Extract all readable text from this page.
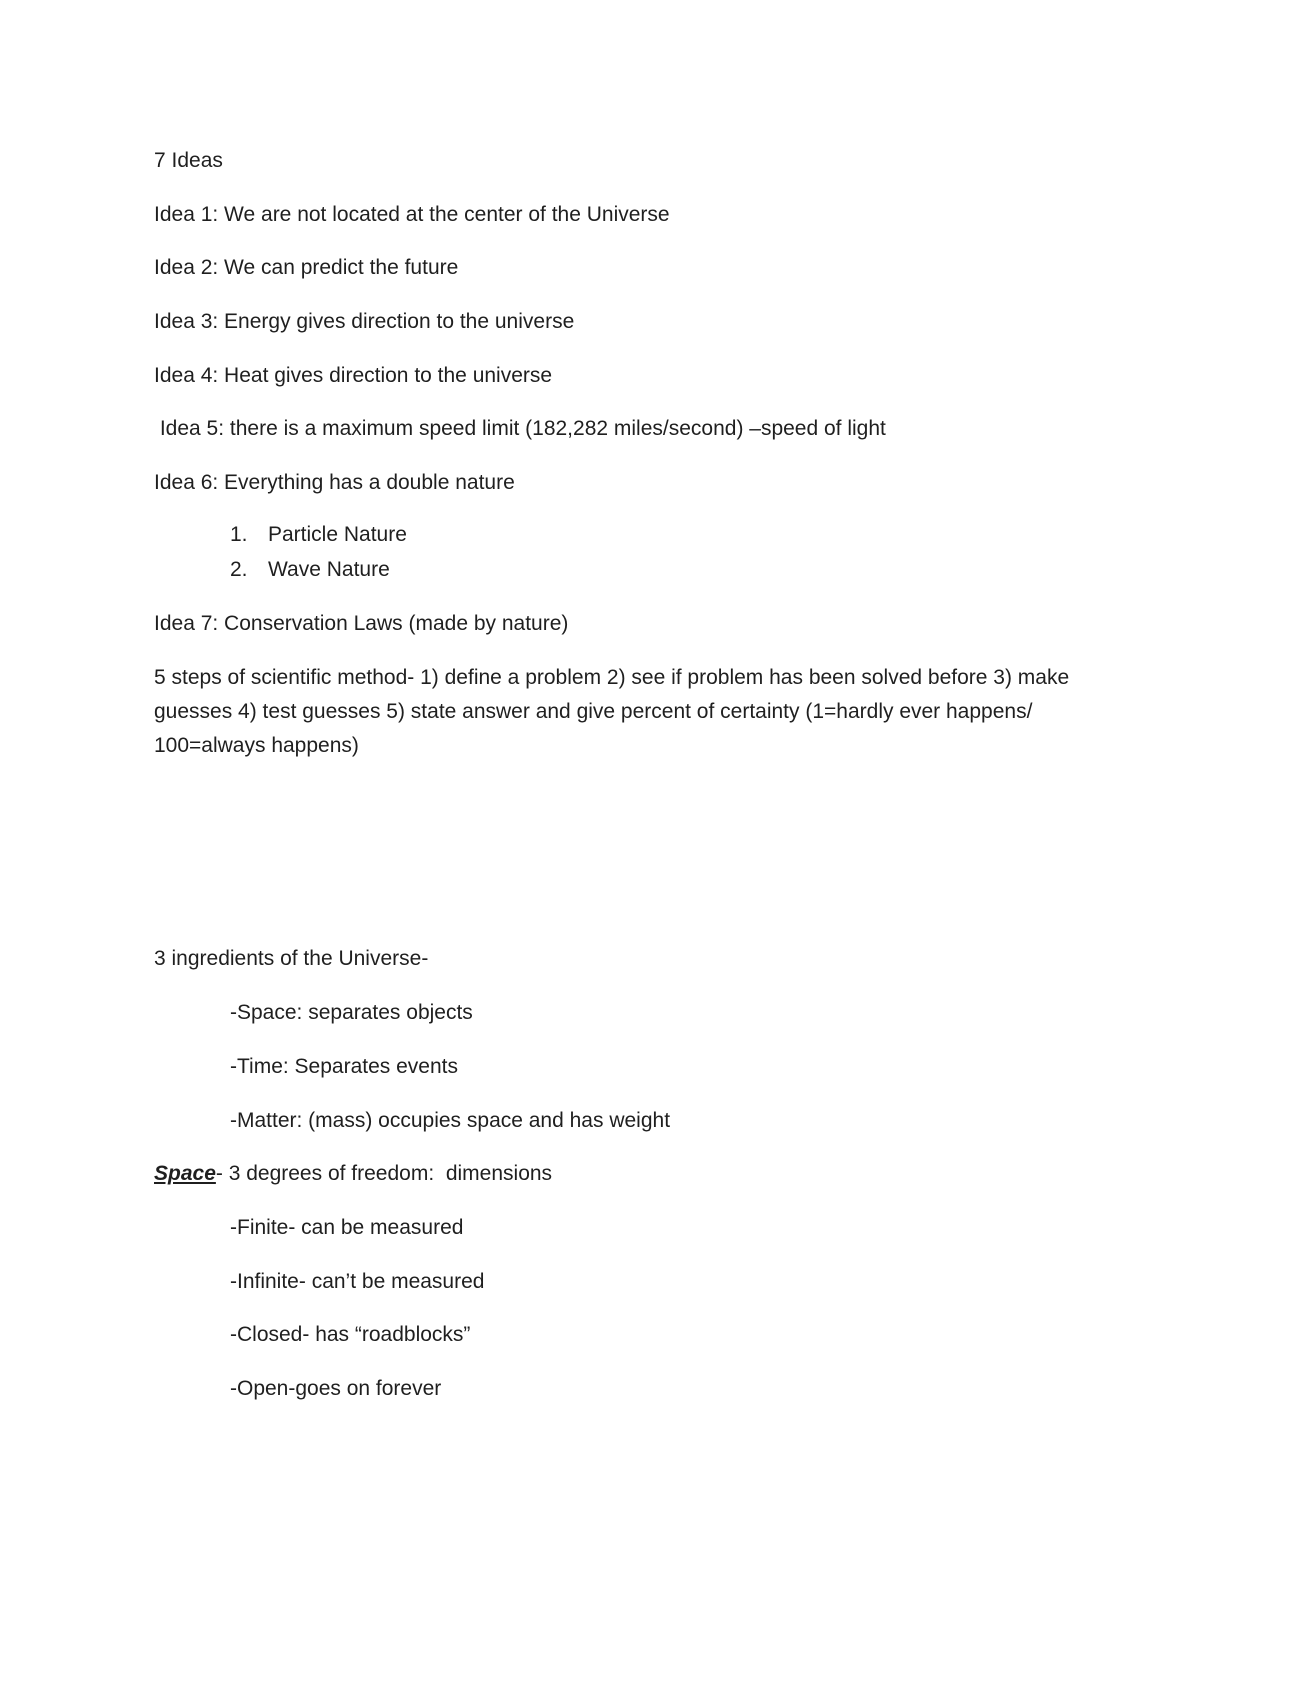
7 Ideas
Idea 1: We are not located at the center of the Universe
Idea 2: We can predict the future
Idea 3: Energy gives direction to the universe
Idea 4: Heat gives direction to the universe
Idea 5: there is a maximum speed limit (182,282 miles/second) –speed of light
Idea 6: Everything has a double nature
1. Particle Nature
2. Wave Nature
Idea 7: Conservation Laws (made by nature)
5 steps of scientific method- 1) define a problem 2) see if problem has been solved before 3) make guesses 4) test guesses 5) state answer and give percent of certainty (1=hardly ever happens/ 100=always happens)
3 ingredients of the Universe-
-Space: separates objects
-Time: Separates events
-Matter: (mass) occupies space and has weight
Space- 3 degrees of freedom:  dimensions
-Finite- can be measured
-Infinite- can’t be measured
-Closed- has “roadblocks”
-Open-goes on forever
